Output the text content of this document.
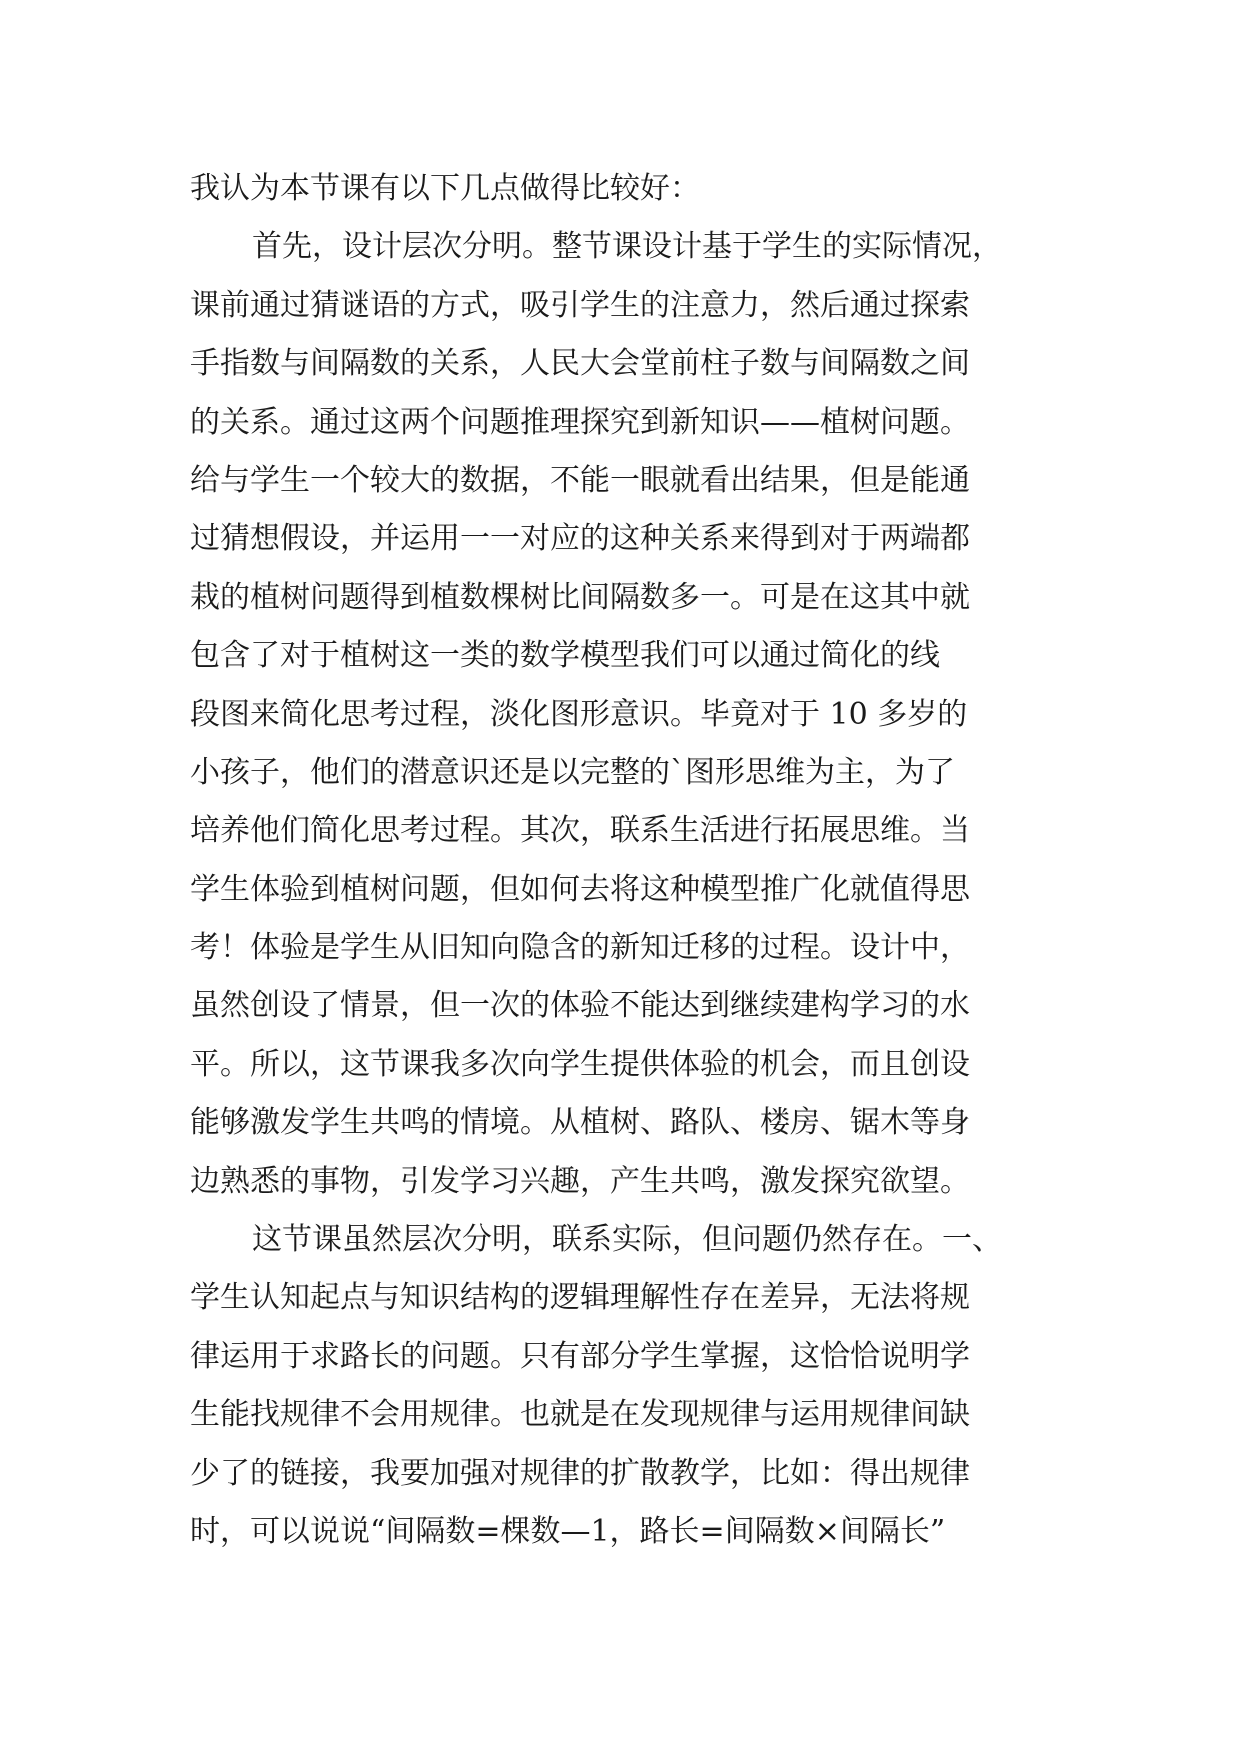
我认为本节课有以下几点做得比较好：
首先，设计层次分明。整节课设计基于学生的实际情况，
课前通过猜谜语的方式，吸引学生的注意力，然后通过探索
手指数与间隔数的关系，人民大会堂前柱子数与间隔数之间
的关系。通过这两个问题推理探究到新知识——植树问题。
给与学生一个较大的数据，不能一眼就看出结果，但是能通
过猜想假设，并运用一一对应的这种关系来得到对于两端都
栽的植树问题得到植数棵树比间隔数多一。可是在这其中就
包含了对于植树这一类的数学模型我们可以通过简化的线
段图来简化思考过程，淡化图形意识。毕竟对于 10 多岁的
小孩子，他们的潜意识还是以完整的`图形思维为主，为了
培养他们简化思考过程。其次，联系生活进行拓展思维。当
学生体验到植树问题，但如何去将这种模型推广化就值得思
考！体验是学生从旧知向隐含的新知迁移的过程。设计中，
虽然创设了情景，但一次的体验不能达到继续建构学习的水
平。所以，这节课我多次向学生提供体验的机会，而且创设
能够激发学生共鸣的情境。从植树、路队、楼房、锯木等身
边熟悉的事物，引发学习兴趣，产生共鸣，激发探究欲望。
这节课虽然层次分明，联系实际，但问题仍然存在。一、
学生认知起点与知识结构的逻辑理解性存在差异，无法将规
律运用于求路长的问题。只有部分学生掌握，这恰恰说明学
生能找规律不会用规律。也就是在发现规律与运用规律间缺
少了的链接，我要加强对规律的扩散教学，比如：得出规律
时，可以说说“间隔数=棵数—1，路长=间隔数×间隔长”
